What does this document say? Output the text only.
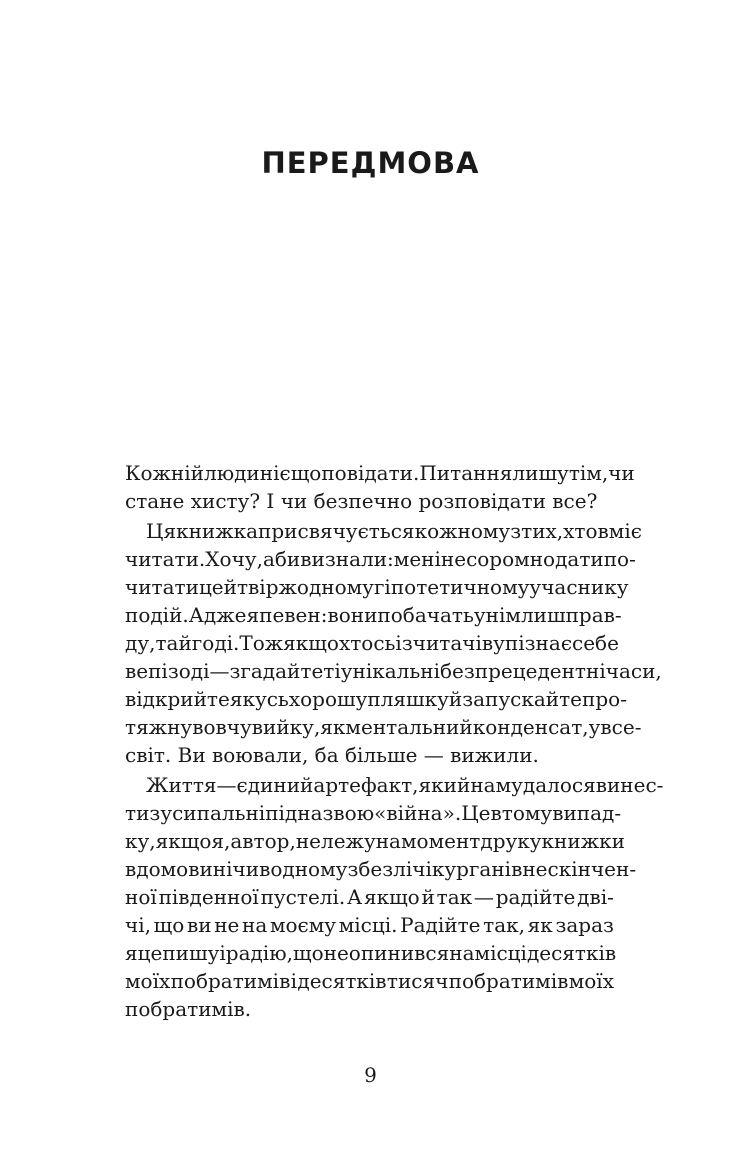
ПЕРЕДМОВА

Кожній людині є що повідати. Питання лиш у тім, чи

стане хисту? І чи безпечно розповідати все?

Ця книжка присвячується кожному з тих, хто вміє

читати. Хочу, аби ви знали: мені не соромно дати по-

читати цей твір жодному гіпотетичному учаснику

подій. Адже я певен: вони побачать у нім лиш прав-

ду, та й годі. Тож якщо хтось із читачів упізнає себе

в епізоді — згадайте ті унікальні безпрецедентні часи,

відкрийте якусь хорошу пляшку й запускайте про-

тяжну вовчу вийку, як ментальний конденсат, у все-

світ. Ви воювали, ба більше — вижили.

Життя — єдиний артефакт, який нам удалося винес-

ти з усипальні під назвою «війна». Це в тому випад-

ку, якщо я, автор, не лежу на момент друку книжки

в домовині чи в одному з безлічі курганів нескінчен-

ної південної пустелі. А якщо й так — радійте дві-

чі, що ви не на моєму місці. Радійте так, як зараз

я це пишу і радію, що не опинився на місці десятків

моїх побратимів і десятків тисяч побратимів моїх

побратимів.

9
